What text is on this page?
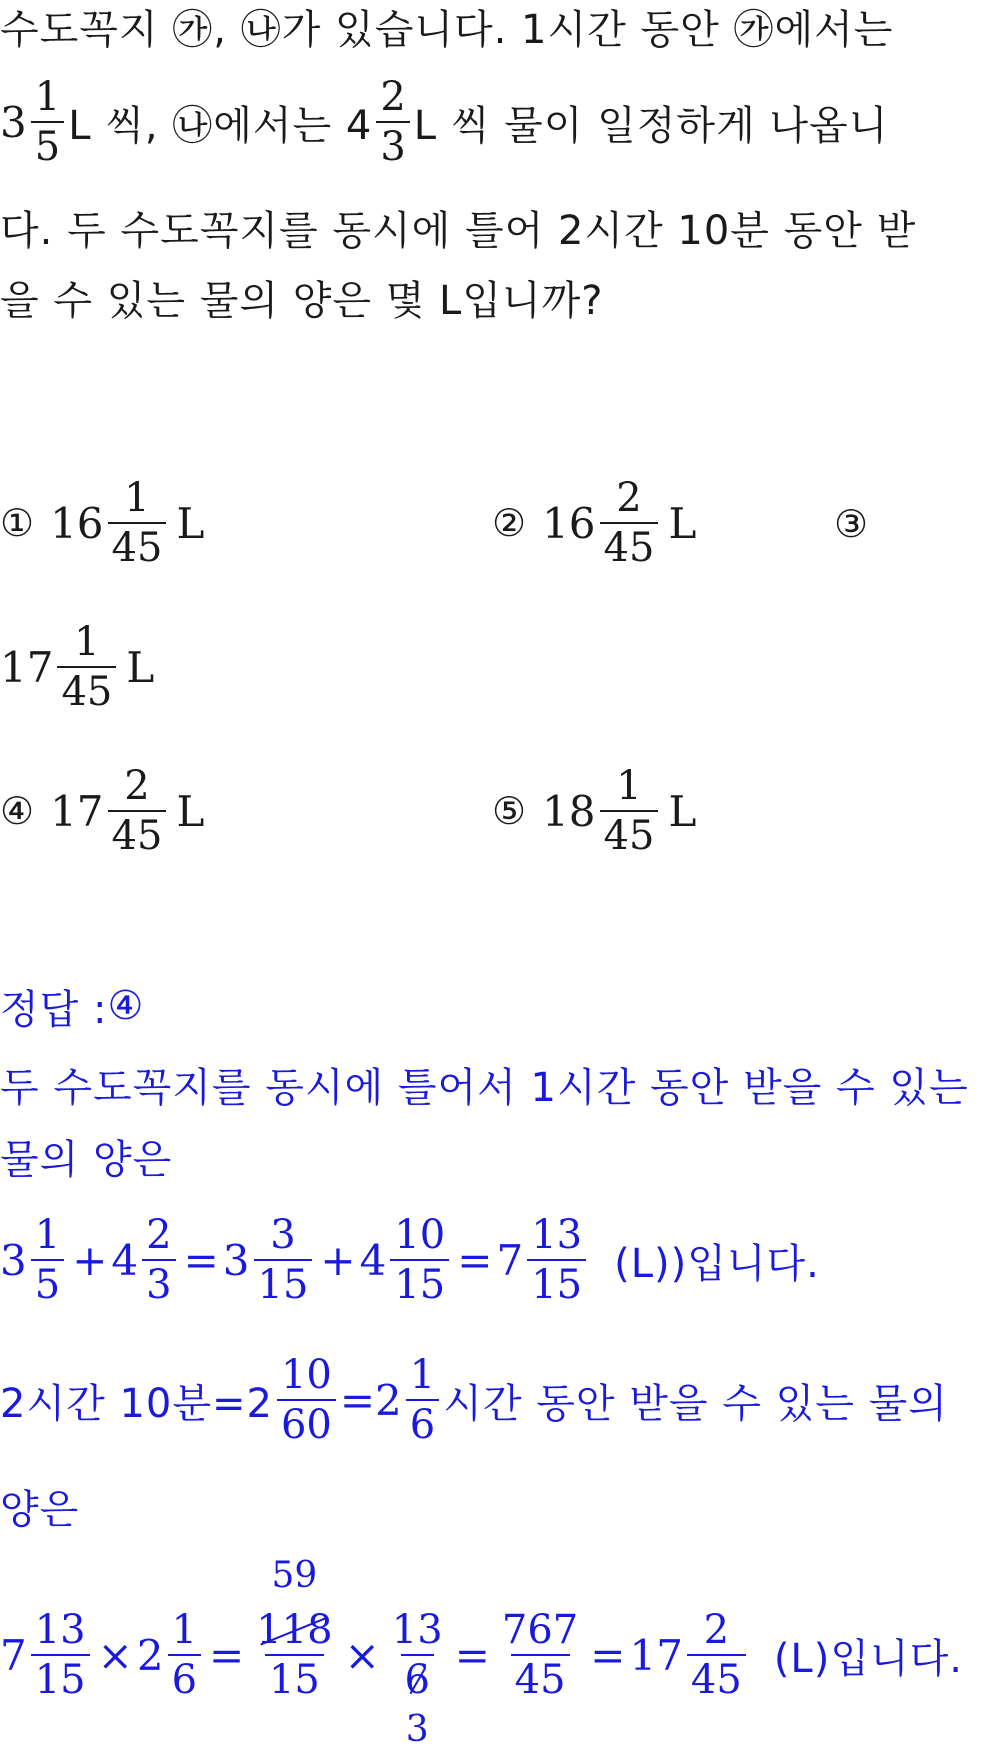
수도꼭지 ㉮, ㉯가 있습니다. 1시간 동안 ㉮에서는
$3 \frac{1}{5}$ L 씩, ㉯에서는 $4 \frac{2}{3}$ L 씩 물이 일정하게 나옵니
다. 두 수도꼭지를 동시에 틀어 2시간 10분 동안 받
을 수 있는 물의 양은 몇 L입니까?
① $16 \frac{1}{45}$ L	② $16 \frac{2}{45}$ L	③
$17 \frac{1}{45}$ L
④ $17 \frac{2}{45}$ L	⑤ $18 \frac{1}{45}$ L
정답 : ④
두 수도꼭지를 동시에 틀어서 1시간 동안 받을 수 있는
물의 양은
$3 \frac{1}{5} + 4 \frac{2}{3} = 3 \frac{3}{15} + 4 \frac{10}{15} = 7 \frac{13}{15} (L)$)입니다.
2시간 10분$=2 \frac{10}{60} =2 \frac{1}{6}$ 시간 동안 받을 수 있는 물의
양은
$7 \frac{13}{15} \times 2 \frac{1}{6}$ =
59
118
15
×
13
6
3
= $\frac{767}{45} = 17 \frac{2}{45} (L)$입니다.
